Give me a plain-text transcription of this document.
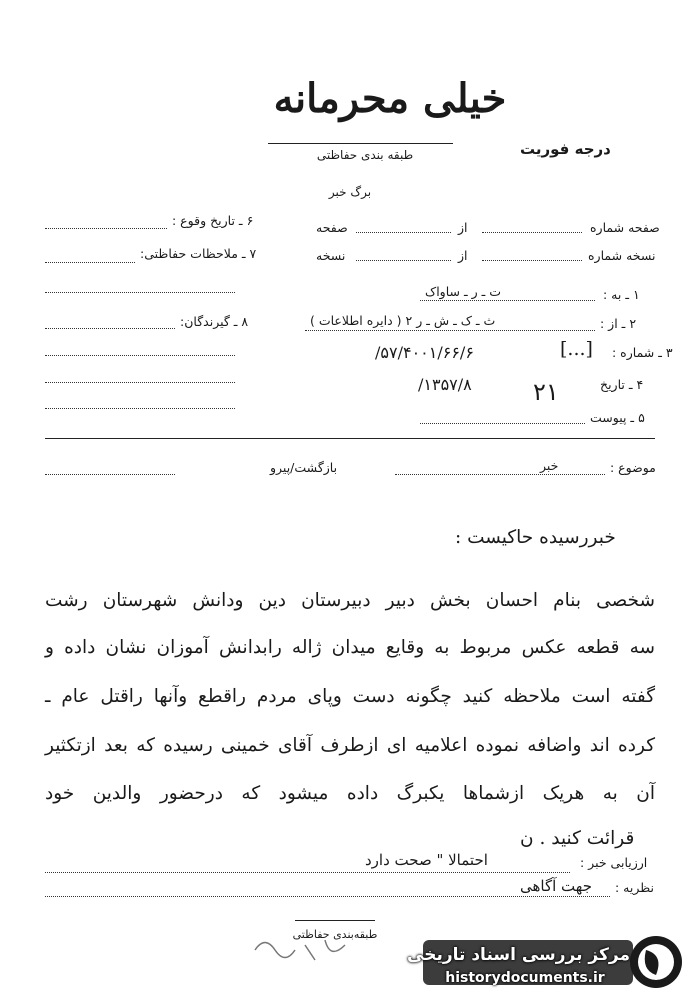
خیلی محرمانه
درجه فوریت
طبقه بندی حفاظتی
برگ خبر
صفحه شماره
از
صفحه
نسخه شماره
از
نسخه
۶ ـ تاریخ وقوع :
۷ ـ ملاحظات حفاظتی:
۸ ـ گیرندگان:
۱ ـ به :
ت ـ ر ـ ساواک
۲ ـ از :
ث ـ ک ـ ش ـ ر ۲ ( دایره اطلاعات )
۳ ـ شماره :
[...]
۵۷/۴۰۰۱/۶۶/۶/
۴ ـ تاریخ
۲۱
۱۳۵۷/۸/
۵ ـ پیوست
موضوع :
خبر
بازگشت/پیرو
خبررسیده حاکیست :
شخصی بنام احسان بخش دبیر دبیرستان دین ودانش شهرستان رشت
سه قطعه عکس مربوط به وقایع میدان ژاله رابدانش آموزان نشان داده و
گفته است ملاحظه کنید چگونه دست وپای مردم راقطع وآنها راقتل عام ـ
کرده اند واضافه نموده اعلامیه ای ازطرف آقای خمینی رسیده که بعد ازتکثیر
آن به هریک ازشماها یکبرگ داده میشود که درحضور والدین خود
قرائت کنید . ن
ارزیابی خبر :
احتمالا " صحت دارد
نظریه :
جهت آگاهی
طبقه‌بندی حفاظتی
مرکز بررسی اسناد تاریخی
historydocuments.ir
